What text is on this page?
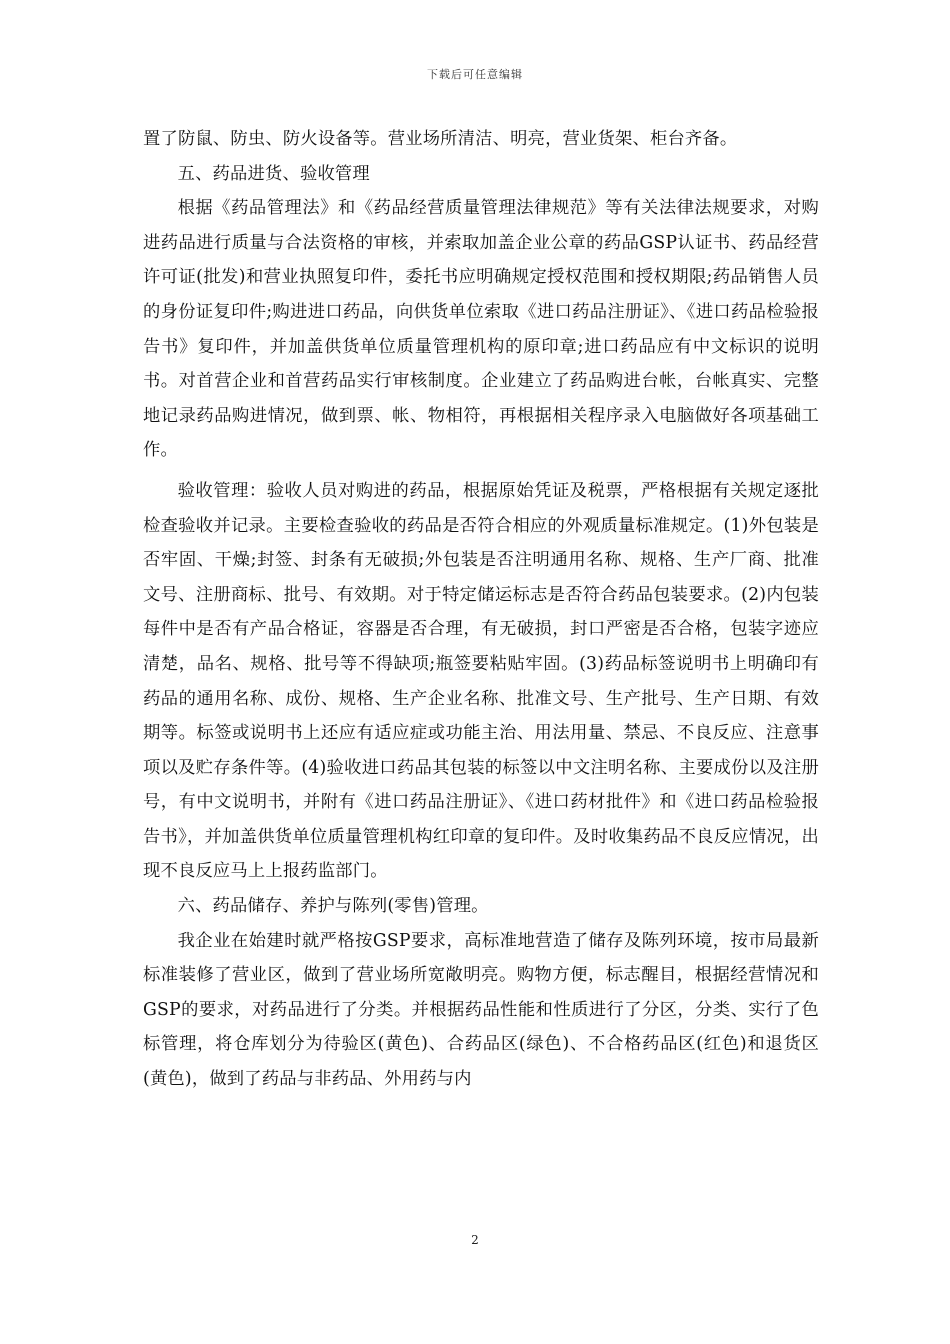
下载后可任意编辑

置了防鼠、防虫、防火设备等。营业场所清洁、明亮，营业货架、柜台齐备。

五、药品进货、验收管理

根据《药品管理法》和《药品经营质量管理法律规范》等有关法律法规要求，对购进药品进行质量与合法资格的审核，并索取加盖企业公章的药品GSP认证书、药品经营许可证(批发)和营业执照复印件，委托书应明确规定授权范围和授权期限;药品销售人员的身份证复印件;购进进口药品，向供货单位索取《进口药品注册证》、《进口药品检验报告书》复印件，并加盖供货单位质量管理机构的原印章;进口药品应有中文标识的说明书。对首营企业和首营药品实行审核制度。企业建立了药品购进台帐，台帐真实、完整地记录药品购进情况，做到票、帐、物相符，再根据相关程序录入电脑做好各项基础工作。

验收管理：验收人员对购进的药品，根据原始凭证及税票，严格根据有关规定逐批检查验收并记录。主要检查验收的药品是否符合相应的外观质量标准规定。(1)外包装是否牢固、干燥;封签、封条有无破损;外包装是否注明通用名称、规格、生产厂商、批准文号、注册商标、批号、有效期。对于特定储运标志是否符合药品包装要求。(2)内包装每件中是否有产品合格证，容器是否合理，有无破损，封口严密是否合格，包装字迹应清楚，品名、规格、批号等不得缺项;瓶签要粘贴牢固。(3)药品标签说明书上明确印有药品的通用名称、成份、规格、生产企业名称、批准文号、生产批号、生产日期、有效期等。标签或说明书上还应有适应症或功能主治、用法用量、禁忌、不良反应、注意事项以及贮存条件等。(4)验收进口药品其包装的标签以中文注明名称、主要成份以及注册号，有中文说明书，并附有《进口药品注册证》、《进口药材批件》和《进口药品检验报告书》，并加盖供货单位质量管理机构红印章的复印件。及时收集药品不良反应情况，出现不良反应马上上报药监部门。

六、药品储存、养护与陈列(零售)管理。

我企业在始建时就严格按GSP要求，高标准地营造了储存及陈列环境，按市局最新标准装修了营业区，做到了营业场所宽敞明亮。购物方便，标志醒目，根据经营情况和GSP的要求，对药品进行了分类。并根据药品性能和性质进行了分区，分类、实行了色标管理，将仓库划分为待验区(黄色)、合药品区(绿色)、不合格药品区(红色)和退货区(黄色)，做到了药品与非药品、外用药与内

2
